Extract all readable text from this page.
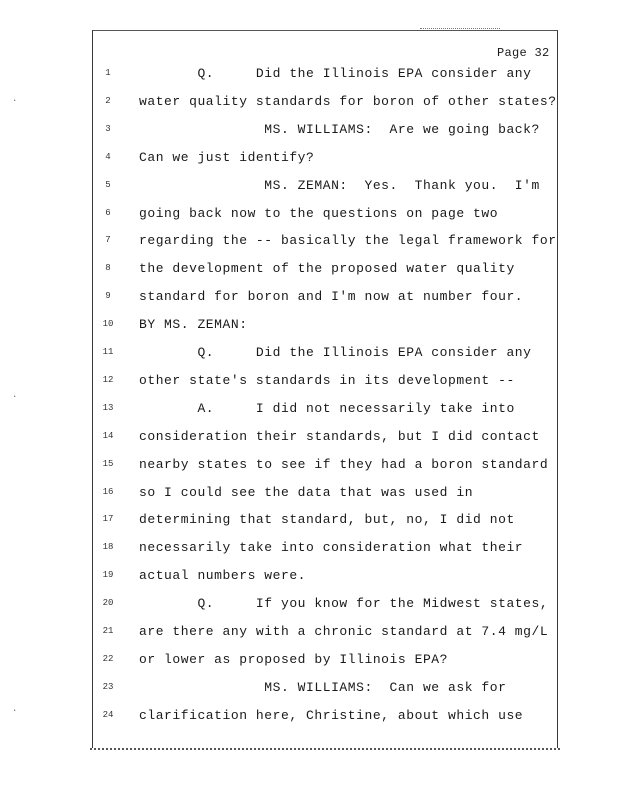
·
·
·
Page 32
1	Q.     Did the Illinois EPA consider any
2	water quality standards for boron of other states?
3	MS. WILLIAMS:  Are we going back?
4	Can we just identify?
5	MS. ZEMAN:  Yes.  Thank you.  I'm
6	going back now to the questions on page two
7	regarding the -- basically the legal framework for
8	the development of the proposed water quality
9	standard for boron and I'm now at number four.
10	BY MS. ZEMAN:
11	Q.     Did the Illinois EPA consider any
12	other state's standards in its development --
13	A.     I did not necessarily take into
14	consideration their standards, but I did contact
15	nearby states to see if they had a boron standard
16	so I could see the data that was used in
17	determining that standard, but, no, I did not
18	necessarily take into consideration what their
19	actual numbers were.
20	Q.     If you know for the Midwest states,
21	are there any with a chronic standard at 7.4 mg/L
22	or lower as proposed by Illinois EPA?
23	MS. WILLIAMS:  Can we ask for
24	clarification here, Christine, about which use
